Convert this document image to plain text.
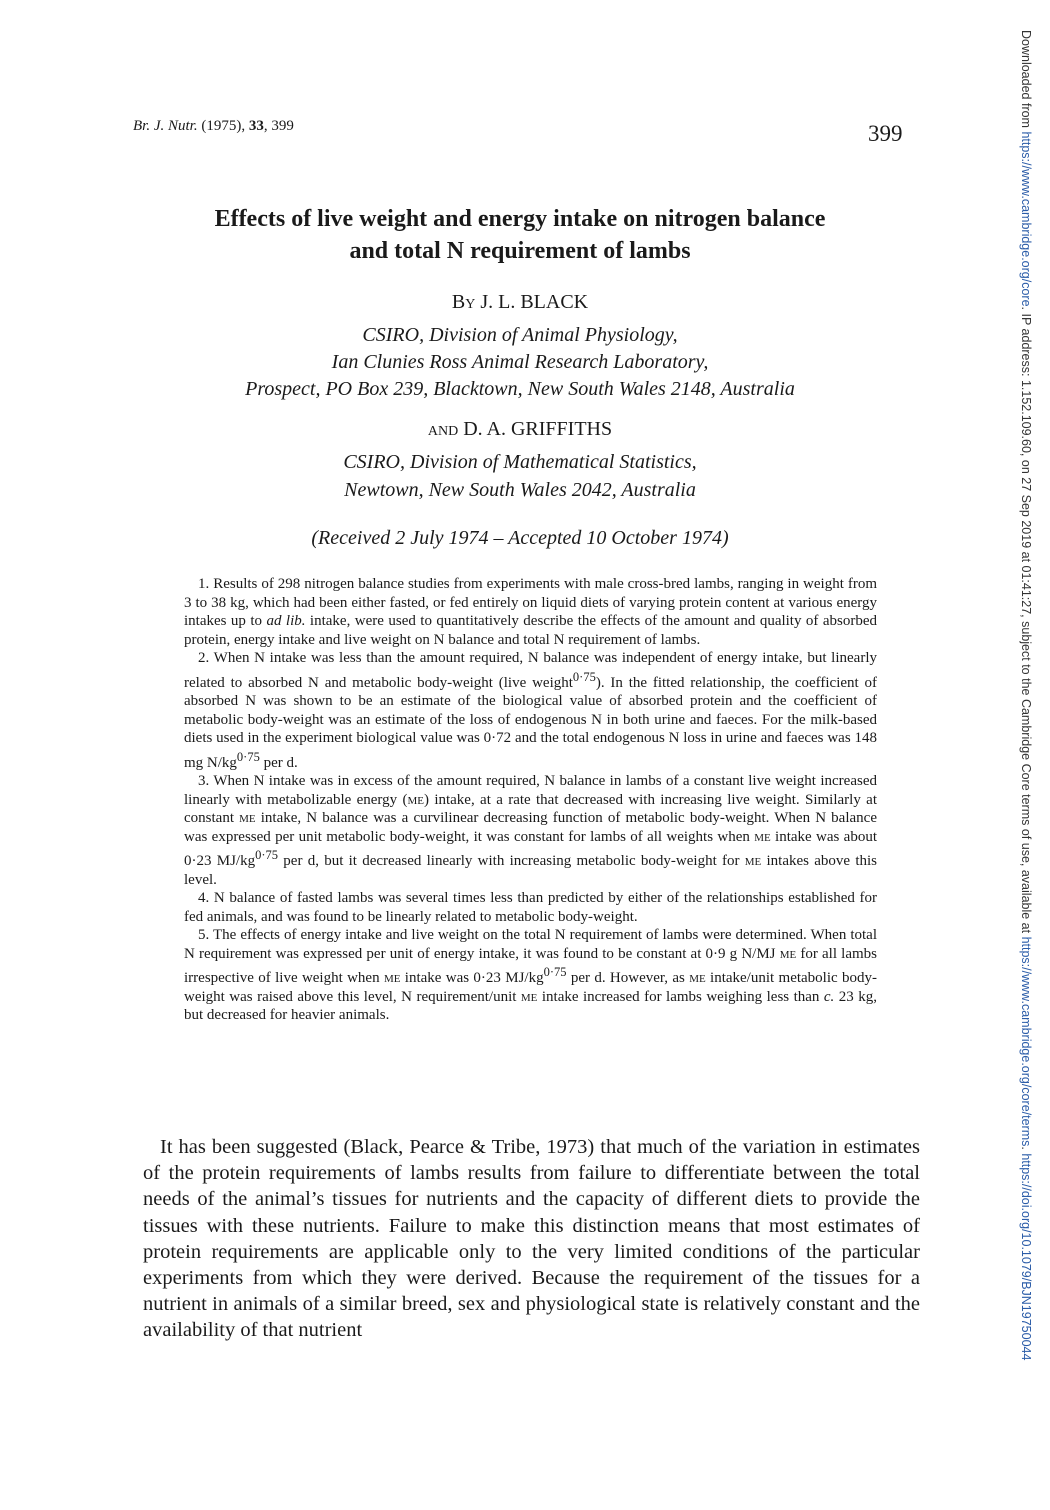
Br. J. Nutr. (1975), 33, 399	399
Effects of live weight and energy intake on nitrogen balance
and total N requirement of lambs
By J. L. BLACK
CSIRO, Division of Animal Physiology,
Ian Clunies Ross Animal Research Laboratory,
Prospect, PO Box 239, Blacktown, New South Wales 2148, Australia
and D. A. GRIFFITHS
CSIRO, Division of Mathematical Statistics,
Newtown, New South Wales 2042, Australia
(Received 2 July 1974 – Accepted 10 October 1974)

1. Results of 298 nitrogen balance studies from experiments with male cross-bred lambs, ranging in weight from 3 to 38 kg, which had been either fasted, or fed entirely on liquid diets of varying protein content at various energy intakes up to ad lib. intake, were used to quantitatively describe the effects of the amount and quality of absorbed protein, energy intake and live weight on N balance and total N requirement of lambs.

2. When N intake was less than the amount required, N balance was independent of energy intake, but linearly related to absorbed N and metabolic body-weight (live weight$^{0\cdot 75}$). In the fitted relationship, the coefficient of absorbed N was shown to be an estimate of the biological value of absorbed protein and the coefficient of metabolic body-weight was an estimate of the loss of endogenous N in both urine and faeces. For the milk-based diets used in the experiment biological value was 0·72 and the total endogenous N loss in urine and faeces was 148 mg $N/kg^{0\cdot 75}$ per d.

3. When N intake was in excess of the amount required, N balance in lambs of a constant live weight increased linearly with metabolizable energy (me) intake, at a rate that decreased with increasing live weight. Similarly at constant me intake, N balance was a curvilinear decreasing function of metabolic body-weight. When N balance was expressed per unit metabolic body-weight, it was constant for lambs of all weights when me intake was about 0·23 $MJ/kg^{0\cdot 75}$ per d, but it decreased linearly with increasing metabolic body-weight for me intakes above this level.

4. N balance of fasted lambs was several times less than predicted by either of the relationships established for fed animals, and was found to be linearly related to metabolic body-weight.

5. The effects of energy intake and live weight on the total N requirement of lambs were determined. When total N requirement was expressed per unit of energy intake, it was found to be constant at 0·9 g N/MJ me for all lambs irrespective of live weight when me intake was 0·23 $MJ/kg^{0\cdot 75}$ per d. However, as me intake/unit metabolic body-weight was raised above this level, N requirement/unit me intake increased for lambs weighing less than c. 23 kg, but decreased for heavier animals.

It has been suggested (Black, Pearce & Tribe, 1973) that much of the variation in estimates of the protein requirements of lambs results from failure to differentiate between the total needs of the animal’s tissues for nutrients and the capacity of different diets to provide the tissues with these nutrients. Failure to make this distinction means that most estimates of protein requirements are applicable only to the very limited conditions of the particular experiments from which they were derived. Because the requirement of the tissues for a nutrient in animals of a similar breed, sex and physiological state is relatively constant and the availability of that nutrient

Downloaded from https://www.cambridge.org/core. IP address: 1.152.109.60, on 27 Sep 2019 at 01:41:27, subject to the Cambridge Core terms of use, available at https://www.cambridge.org/core/terms. https://doi.org/10.1079/BJN19750044
